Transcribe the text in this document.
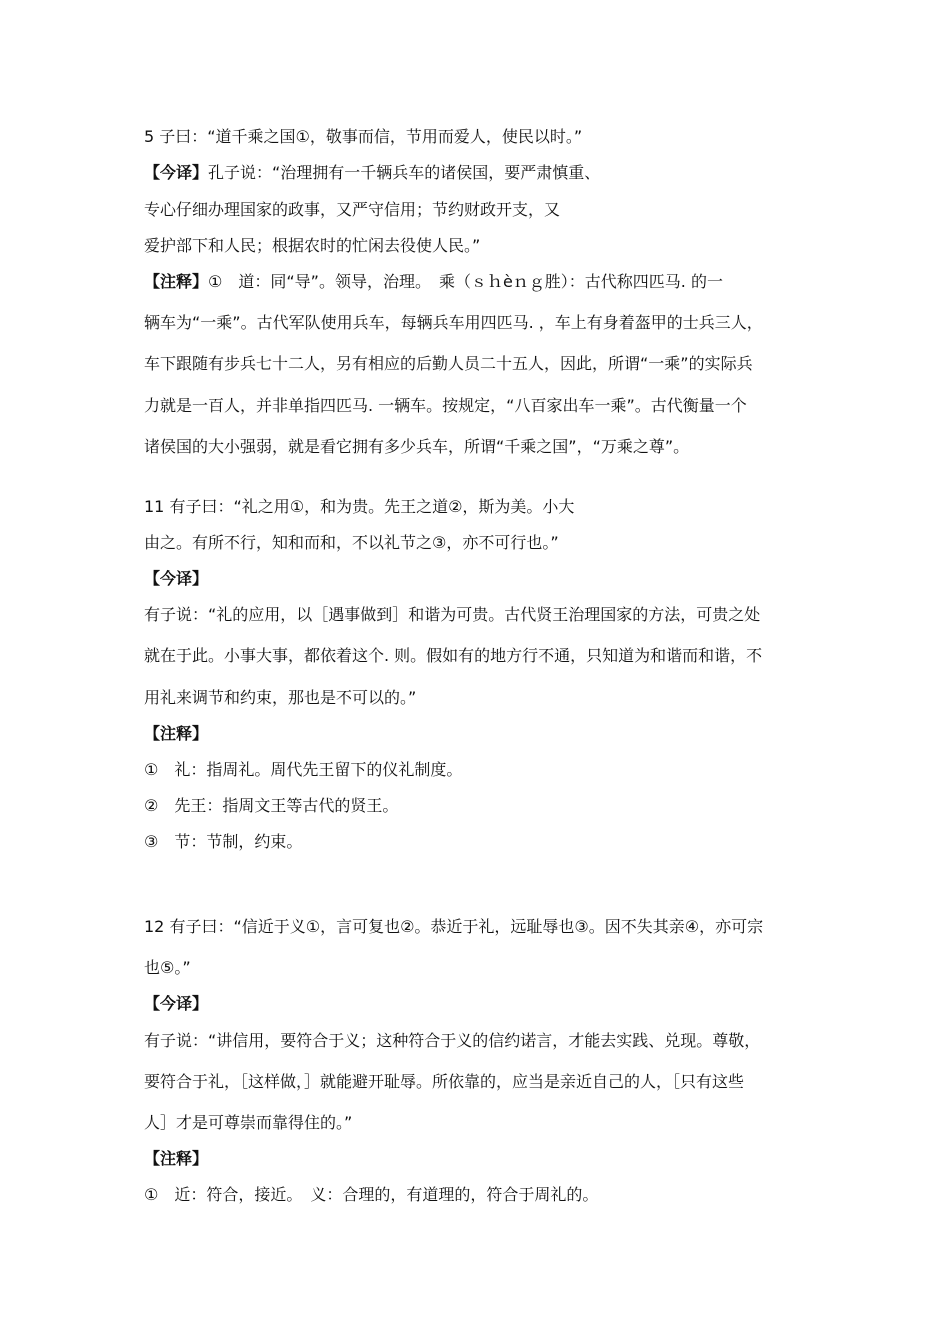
5 子曰：“道千乘之国①，敬事而信，节用而爱人，使民以时。”
【今译】孔子说：“治理拥有一千辆兵车的诸侯国，要严肃慎重、
专心仔细办理国家的政事，又严守信用；节约财政开支，又
爱护部下和人民；根据农时的忙闲去役使人民。”
【注释】①　道：同“导”。领导，治理。　乘（ｓｈèｎｇ胜）：古代称四匹马. 的一
辆车为“一乘”。古代军队使用兵车，每辆兵车用四匹马. ，车上有身着盔甲的士兵三人，
车下跟随有步兵七十二人，另有相应的后勤人员二十五人，因此，所谓“一乘”的实际兵
力就是一百人，并非单指四匹马. 一辆车。按规定，“八百家出车一乘”。古代衡量一个
诸侯国的大小强弱，就是看它拥有多少兵车，所谓“千乘之国”，“万乘之尊”。
11 有子曰：“礼之用①，和为贵。先王之道②，斯为美。小大
由之。有所不行，知和而和，不以礼节之③，亦不可行也。”
【今译】
有子说：“礼的应用，以［遇事做到］和谐为可贵。古代贤王治理国家的方法，可贵之处
就在于此。小事大事，都依着这个. 则。假如有的地方行不通，只知道为和谐而和谐，不
用礼来调节和约束，那也是不可以的。”
【注释】
①　礼：指周礼。周代先王留下的仪礼制度。
②　先王：指周文王等古代的贤王。
③　节：节制，约束。
12 有子曰：“信近于义①，言可复也②。恭近于礼，远耻辱也③。因不失其亲④，亦可宗
也⑤。”
【今译】
有子说：“讲信用，要符合于义；这种符合于义的信约诺言，才能去实践、兑现。尊敬，
要符合于礼，［这样做，］就能避开耻辱。所依靠的，应当是亲近自己的人，［只有这些
人］才是可尊崇而靠得住的。”
【注释】
①　近：符合，接近。　义：合理的，有道理的，符合于周礼的。
